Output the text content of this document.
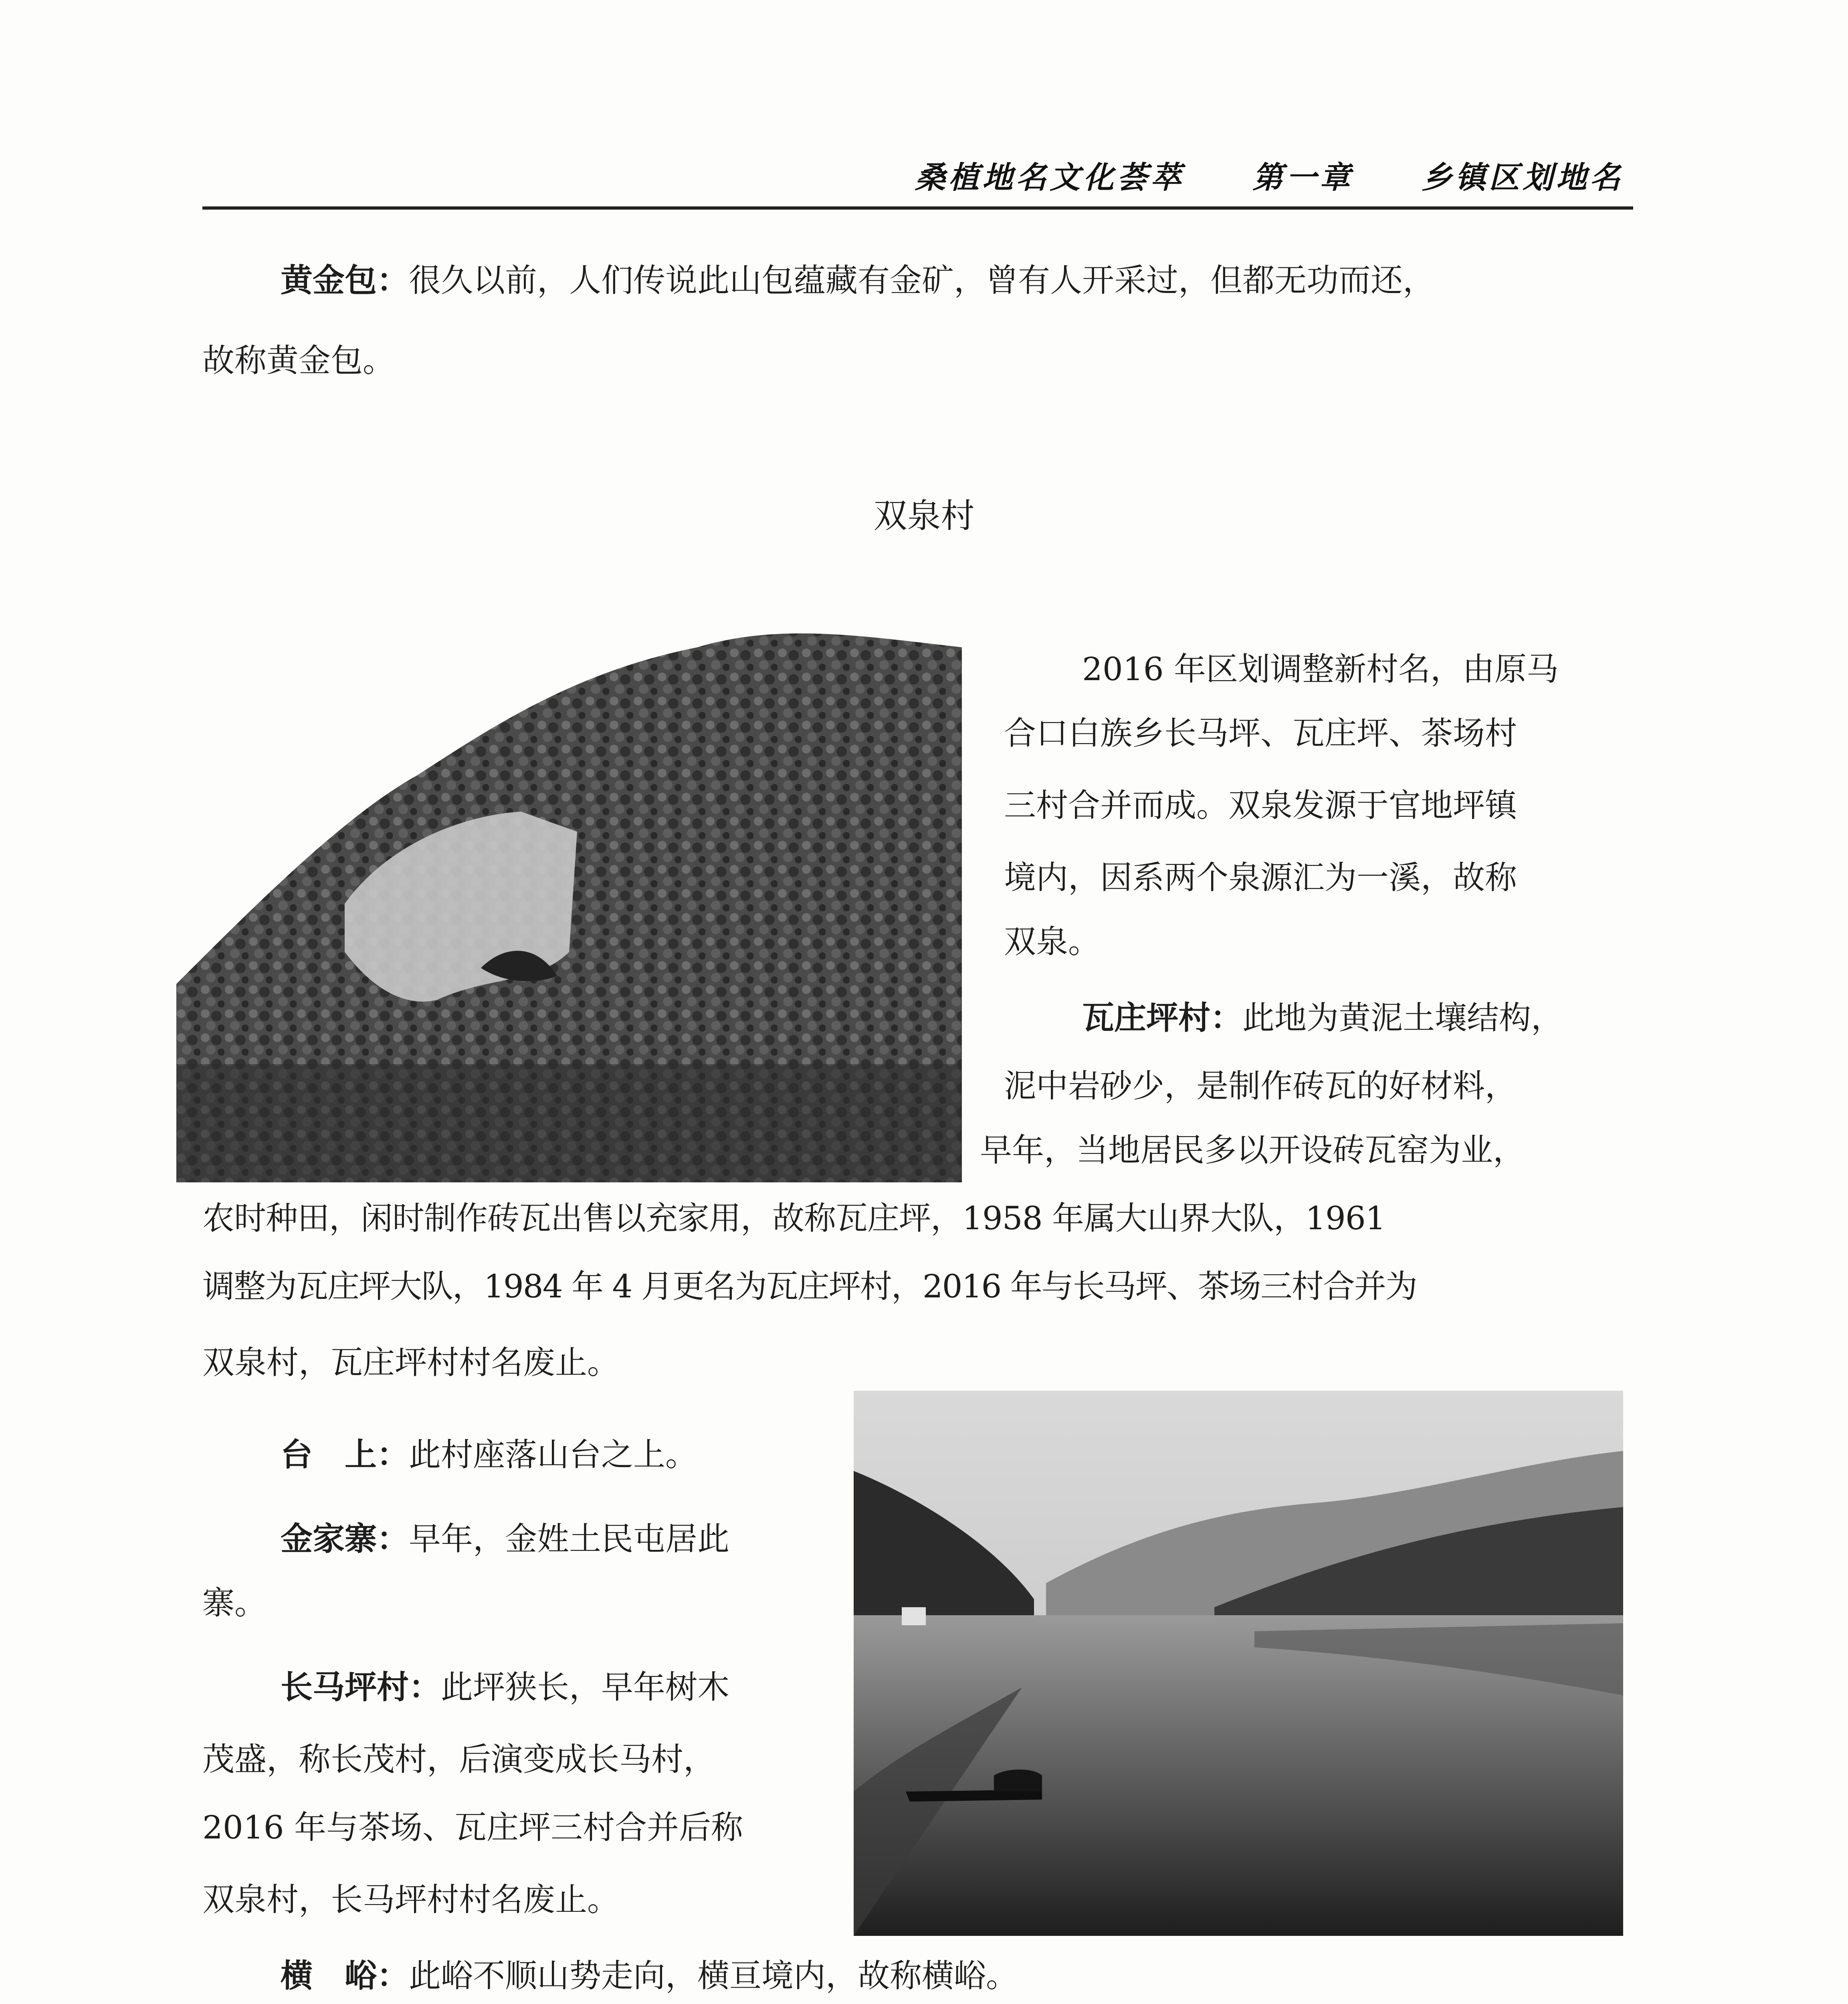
桑植地名文化荟萃 第一章 乡镇区划地名
黄金包：很久以前，人们传说此山包蕴藏有金矿，曾有人开采过，但都无功而还，
故称黄金包。
双泉村
2016 年区划调整新村名，由原马
合口白族乡长马坪、瓦庄坪、茶场村
三村合并而成。双泉发源于官地坪镇
境内，因系两个泉源汇为一溪，故称
双泉。
瓦庄坪村：此地为黄泥土壤结构，
泥中岩砂少，是制作砖瓦的好材料，
早年，当地居民多以开设砖瓦窑为业，
农时种田，闲时制作砖瓦出售以充家用，故称瓦庄坪，1958 年属大山界大队，1961
调整为瓦庄坪大队，1984 年 4 月更名为瓦庄坪村，2016 年与长马坪、茶场三村合并为
双泉村，瓦庄坪村村名废止。
台　上：此村座落山台之上。
金家寨：早年，金姓土民屯居此
寨。
长马坪村：此坪狭长，早年树木
茂盛，称长茂村，后演变成长马村，
2016 年与茶场、瓦庄坪三村合并后称
双泉村，长马坪村村名废止。
横　峪：此峪不顺山势走向，横亘境内，故称横峪。
